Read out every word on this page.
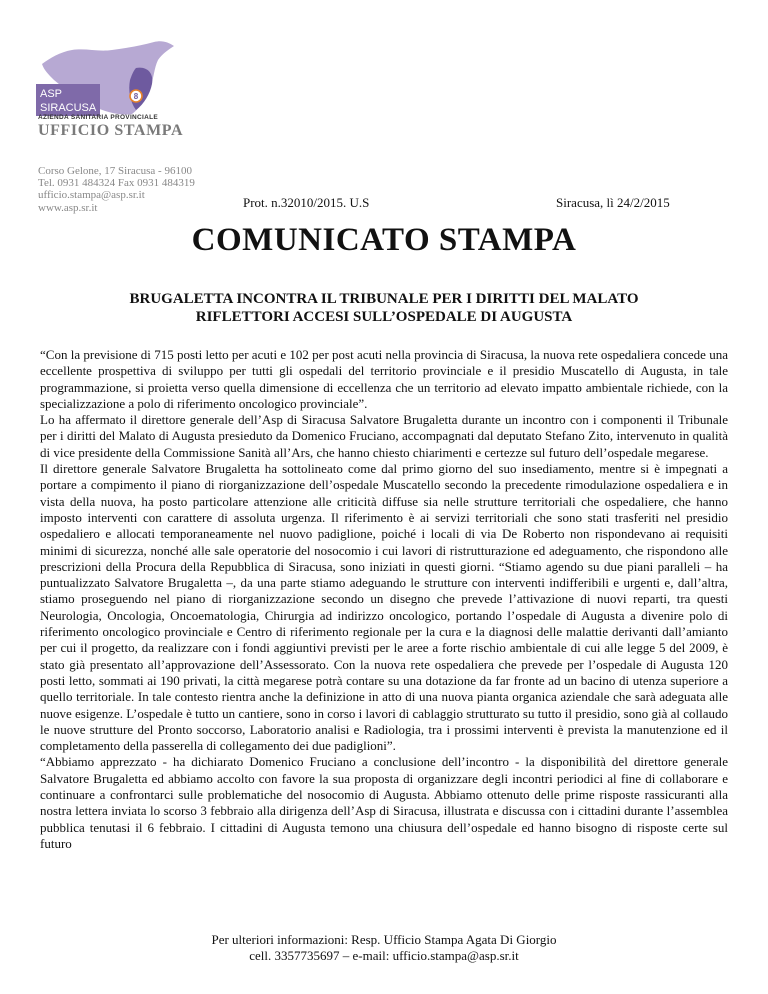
8
ASP
SIRACUSA
AZIENDA SANITARIA PROVINCIALE
UFFICIO STAMPA
Corso Gelone, 17 Siracusa - 96100
Tel. 0931 484324 Fax 0931 484319
ufficio.stampa@asp.sr.it
www.asp.sr.it	Prot. n.32010/2015. U.S	Siracusa, lì 24/2/2015
COMUNICATO STAMPA
BRUGALETTA INCONTRA IL TRIBUNALE PER I DIRITTI DEL MALATO
RIFLETTORI ACCESI SULL’OSPEDALE DI AUGUSTA

“Con la previsione di 715 posti letto per acuti e 102 per post acuti nella provincia di Siracusa, la nuova rete ospedaliera concede una eccellente prospettiva di sviluppo per tutti gli ospedali del territorio provinciale e il presidio Muscatello di Augusta, in tale programmazione, si proietta verso quella dimensione di eccellenza che un territorio ad elevato impatto ambientale richiede, con la specializzazione a polo di riferimento oncologico provinciale”.

Lo ha affermato il direttore generale dell’Asp di Siracusa Salvatore Brugaletta durante un incontro con i componenti il Tribunale per i diritti del Malato di Augusta presieduto da Domenico Fruciano, accompagnati dal deputato Stefano Zito, intervenuto in qualità di vice presidente della Commissione Sanità all’Ars, che hanno chiesto chiarimenti e certezze sul futuro dell’ospedale megarese.

Il direttore generale Salvatore Brugaletta ha sottolineato come dal primo giorno del suo insediamento, mentre si è impegnati a portare a compimento il piano di riorganizzazione dell’ospedale Muscatello secondo la precedente rimodulazione ospedaliera e in vista della nuova, ha posto particolare attenzione alle criticità diffuse sia nelle strutture territoriali che ospedaliere, che hanno imposto interventi con carattere di assoluta urgenza. Il riferimento è ai servizi territoriali che sono stati trasferiti nel presidio ospedaliero e allocati temporaneamente nel nuovo padiglione, poiché i locali di via De Roberto non rispondevano ai requisiti minimi di sicurezza, nonché alle sale operatorie del nosocomio i cui lavori di ristrutturazione ed adeguamento, che rispondono alle prescrizioni della Procura della Repubblica di Siracusa, sono iniziati in questi giorni. “Stiamo agendo su due piani paralleli – ha puntualizzato Salvatore Brugaletta –, da una parte stiamo adeguando le strutture con interventi indifferibili e urgenti e, dall’altra, stiamo proseguendo nel piano di riorganizzazione secondo un disegno che prevede l’attivazione di nuovi reparti, tra questi Neurologia, Oncologia, Oncoematologia, Chirurgia ad indirizzo oncologico, portando l’ospedale di Augusta a divenire polo di riferimento oncologico provinciale e Centro di riferimento regionale per la cura e la diagnosi delle malattie derivanti dall’amianto per cui il progetto, da realizzare con i fondi aggiuntivi previsti per le aree a forte rischio ambientale di cui alle legge 5 del 2009, è stato già presentato all’approvazione dell’Assessorato. Con la nuova rete ospedaliera che prevede per l’ospedale di Augusta 120 posti letto, sommati ai 190 privati, la città megarese potrà contare su una dotazione da far fronte ad un bacino di utenza superiore a quello territoriale. In tale contesto rientra anche la definizione in atto di una nuova pianta organica aziendale che sarà adeguata alle nuove esigenze. L’ospedale è tutto un cantiere, sono in corso i lavori di cablaggio strutturato su tutto il presidio, sono già al collaudo le nuove strutture del Pronto soccorso, Laboratorio analisi e Radiologia, tra i prossimi interventi è prevista la manutenzione ed il completamento della passerella di collegamento dei due padiglioni”.

“Abbiamo apprezzato - ha dichiarato Domenico Fruciano a conclusione dell’incontro - la disponibilità del direttore generale Salvatore Brugaletta ed abbiamo accolto con favore la sua proposta di organizzare degli incontri periodici al fine di collaborare e continuare a confrontarci sulle problematiche del nosocomio di Augusta. Abbiamo ottenuto delle prime risposte rassicuranti alla nostra lettera inviata lo scorso 3 febbraio alla dirigenza dell’Asp di Siracusa, illustrata e discussa con i cittadini durante l’assemblea pubblica tenutasi il 6 febbraio. I cittadini di Augusta temono una chiusura dell’ospedale ed hanno bisogno di risposte certe sul futuro

Per ulteriori informazioni: Resp. Ufficio Stampa Agata Di Giorgio
cell. 3357735697 – e-mail: ufficio.stampa@asp.sr.it
